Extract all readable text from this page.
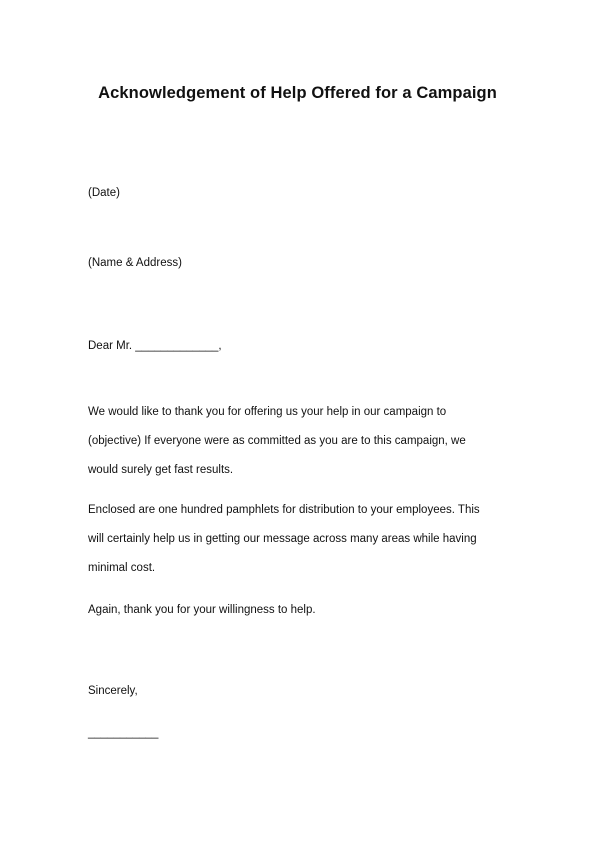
Acknowledgement of Help Offered for a Campaign
(Date)
(Name & Address)
Dear Mr. _____________,
We would like to thank you for offering us your help in our campaign to
(objective) If everyone were as committed as you are to this campaign, we
would surely get fast results.
Enclosed are one hundred pamphlets for distribution to your employees. This
will certainly help us in getting our message across many areas while having
minimal cost.
Again, thank you for your willingness to help.
Sincerely,
___________
